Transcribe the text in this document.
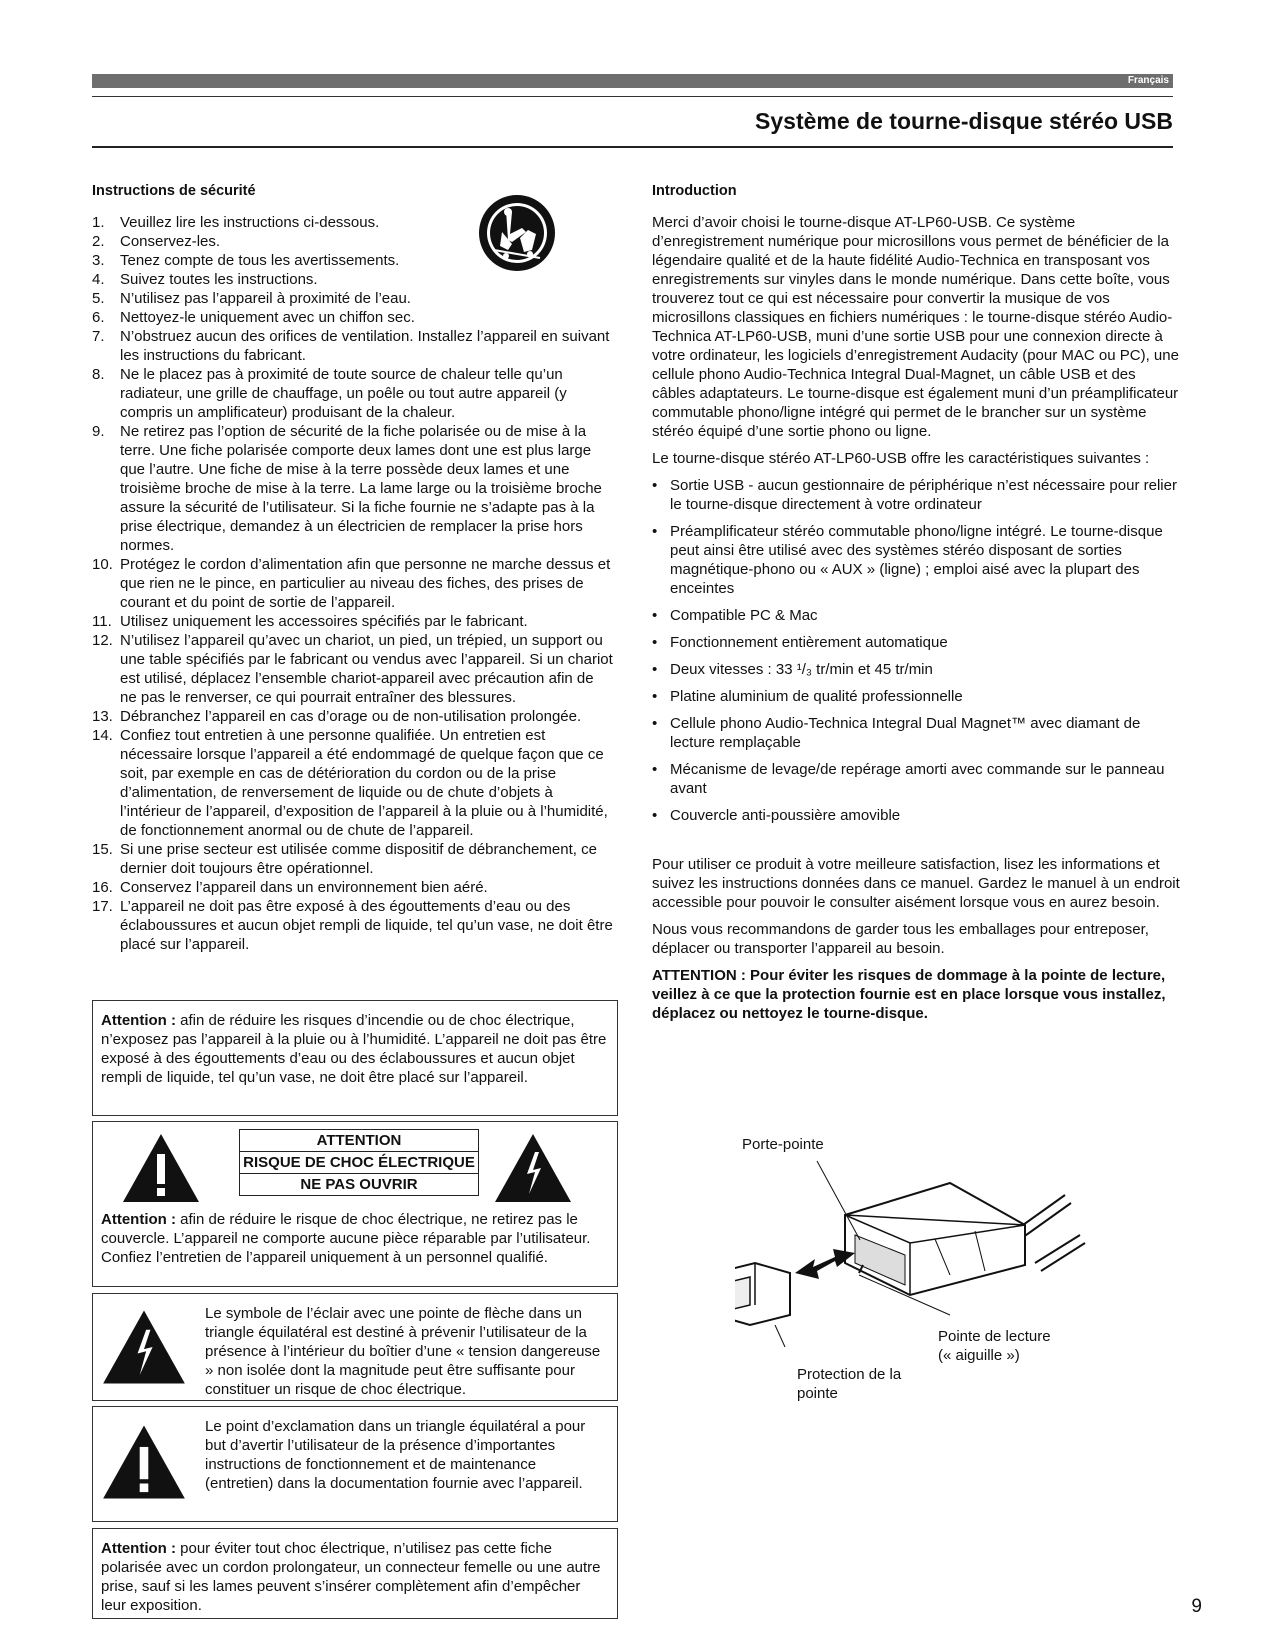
Français
Système de tourne-disque stéréo USB
Instructions de sécurité
1.	Veuillez lire les instructions ci-dessous.
2.	Conservez-les.
3.	Tenez compte de tous les avertissements.
4.	Suivez toutes les instructions.
5.	N’utilisez pas l’appareil à proximité de l’eau.
6.	Nettoyez-le uniquement avec un chiffon sec.
7.	N’obstruez aucun des orifices de ventilation. Installez l’appareil en suivant les instructions du fabricant.
8.	Ne le placez pas à proximité de toute source de chaleur telle qu’un radiateur, une grille de chauffage, un poêle ou tout autre appareil (y compris un amplificateur) produisant de la chaleur.
9.	Ne retirez pas l’option de sécurité de la fiche polarisée ou de mise à la terre. Une fiche polarisée comporte deux lames dont une est plus large que l’autre. Une fiche de mise à la terre possède deux lames et une troisième broche de mise à la terre. La lame large ou la troisième broche assure la sécurité de l’utilisateur. Si la fiche fournie ne s’adapte pas à la prise électrique, demandez à un électricien de remplacer la prise hors normes.
10. Protégez le cordon d’alimentation afin que personne ne marche dessus et que rien ne le pince, en particulier au niveau des fiches, des prises de courant et du point de sortie de l’appareil.
11. Utilisez uniquement les accessoires spécifiés par le fabricant.
12. N’utilisez l’appareil qu’avec un chariot, un pied, un trépied, un support ou une table spécifiés par le fabricant ou vendus avec l’appareil. Si un chariot est utilisé, déplacez l’ensemble chariot-appareil avec précaution afin de ne pas le renverser, ce qui pourrait entraîner des blessures.
13. Débranchez l’appareil en cas d’orage ou de non-utilisation prolongée.
14. Confiez tout entretien à une personne qualifiée. Un entretien est nécessaire lorsque l’appareil a été endommagé de quelque façon que ce soit, par exemple en cas de détérioration du cordon ou de la prise d’alimentation, de renversement de liquide ou de chute d’objets à l’intérieur de l’appareil, d’exposition de l’appareil à la pluie ou à l’humidité, de fonctionnement anormal ou de chute de l’appareil.
15. Si une prise secteur est utilisée comme dispositif de débranchement, ce dernier doit toujours être opérationnel.
16. Conservez l’appareil dans un environnement bien aéré.
17. L’appareil ne doit pas être exposé à des égouttements d’eau ou des éclaboussures et aucun objet rempli de liquide, tel qu’un vase, ne doit être placé sur l’appareil.

Attention : afin de réduire les risques d’incendie ou de choc électrique, n’exposez pas l’appareil à la pluie ou à l’humidité. L’appareil ne doit pas être exposé à des égouttements d’eau ou des éclaboussures et aucun objet rempli de liquide, tel qu’un vase, ne doit être placé sur l’appareil.

ATTENTION
RISQUE DE CHOC ÉLECTRIQUE
NE PAS OUVRIR

Attention : afin de réduire le risque de choc électrique, ne retirez pas le couvercle. L’appareil ne comporte aucune pièce réparable par l’utilisateur. Confiez l’entretien de l’appareil uniquement à un personnel qualifié.

Le symbole de l’éclair avec une pointe de flèche dans un triangle équilatéral est destiné à prévenir l’utilisateur de la présence à l’intérieur du boîtier d’une « tension dangereuse » non isolée dont la magnitude peut être suffisante pour constituer un risque de choc électrique.

Le point d’exclamation dans un triangle équilatéral a pour but d’avertir l’utilisateur de la présence d’importantes instructions de fonctionnement et de maintenance (entretien) dans la documentation fournie avec l’appareil.

Attention : pour éviter tout choc électrique, n’utilisez pas cette fiche polarisée avec un cordon prolongateur, un connecteur femelle ou une autre prise, sauf si les lames peuvent s’insérer complètement afin d’empêcher leur exposition.

Introduction

Merci d’avoir choisi le tourne-disque AT-LP60-USB. Ce système d’enregistrement numérique pour microsillons vous permet de bénéficier de la légendaire qualité et de la haute fidélité Audio-Technica en transposant vos enregistrements sur vinyles dans le monde numérique. Dans cette boîte, vous trouverez tout ce qui est nécessaire pour convertir la musique de vos microsillons classiques en fichiers numériques : le tourne-disque stéréo Audio-Technica AT-LP60-USB, muni d’une sortie USB pour une connexion directe à votre ordinateur, les logiciels d’enregistrement Audacity (pour MAC ou PC), une cellule phono Audio-Technica Integral Dual-Magnet, un câble USB et des câbles adaptateurs. Le tourne-disque est également muni d’un préamplificateur commutable phono/ligne intégré qui permet de le brancher sur un système stéréo équipé d’une sortie phono ou ligne.

Le tourne-disque stéréo AT-LP60-USB offre les caractéristiques suivantes :

• Sortie USB - aucun gestionnaire de périphérique n’est nécessaire pour relier le tourne-disque directement à votre ordinateur
• Préamplificateur stéréo commutable phono/ligne intégré. Le tourne-disque peut ainsi être utilisé avec des systèmes stéréo disposant de sorties magnétique-phono ou « AUX » (ligne) ; emploi aisé avec la plupart des enceintes
• Compatible PC & Mac
• Fonctionnement entièrement automatique
• Deux vitesses : 33 ¹/₃ tr/min et 45 tr/min
• Platine aluminium de qualité professionnelle
• Cellule phono Audio-Technica Integral Dual Magnet™ avec diamant de lecture remplaçable
• Mécanisme de levage/de repérage amorti avec commande sur le panneau avant
• Couvercle anti-poussière amovible

Pour utiliser ce produit à votre meilleure satisfaction, lisez les informations et suivez les instructions données dans ce manuel. Gardez le manuel à un endroit accessible pour pouvoir le consulter aisément lorsque vous en aurez besoin.

Nous vous recommandons de garder tous les emballages pour entreposer, déplacer ou transporter l’appareil au besoin.

ATTENTION : Pour éviter les risques de dommage à la pointe de lecture, veillez à ce que la protection fournie est en place lorsque vous installez, déplacez ou nettoyez le tourne-disque.

Porte-pointe
Pointe de lecture
(« aiguille »)
Protection de la
pointe
9
